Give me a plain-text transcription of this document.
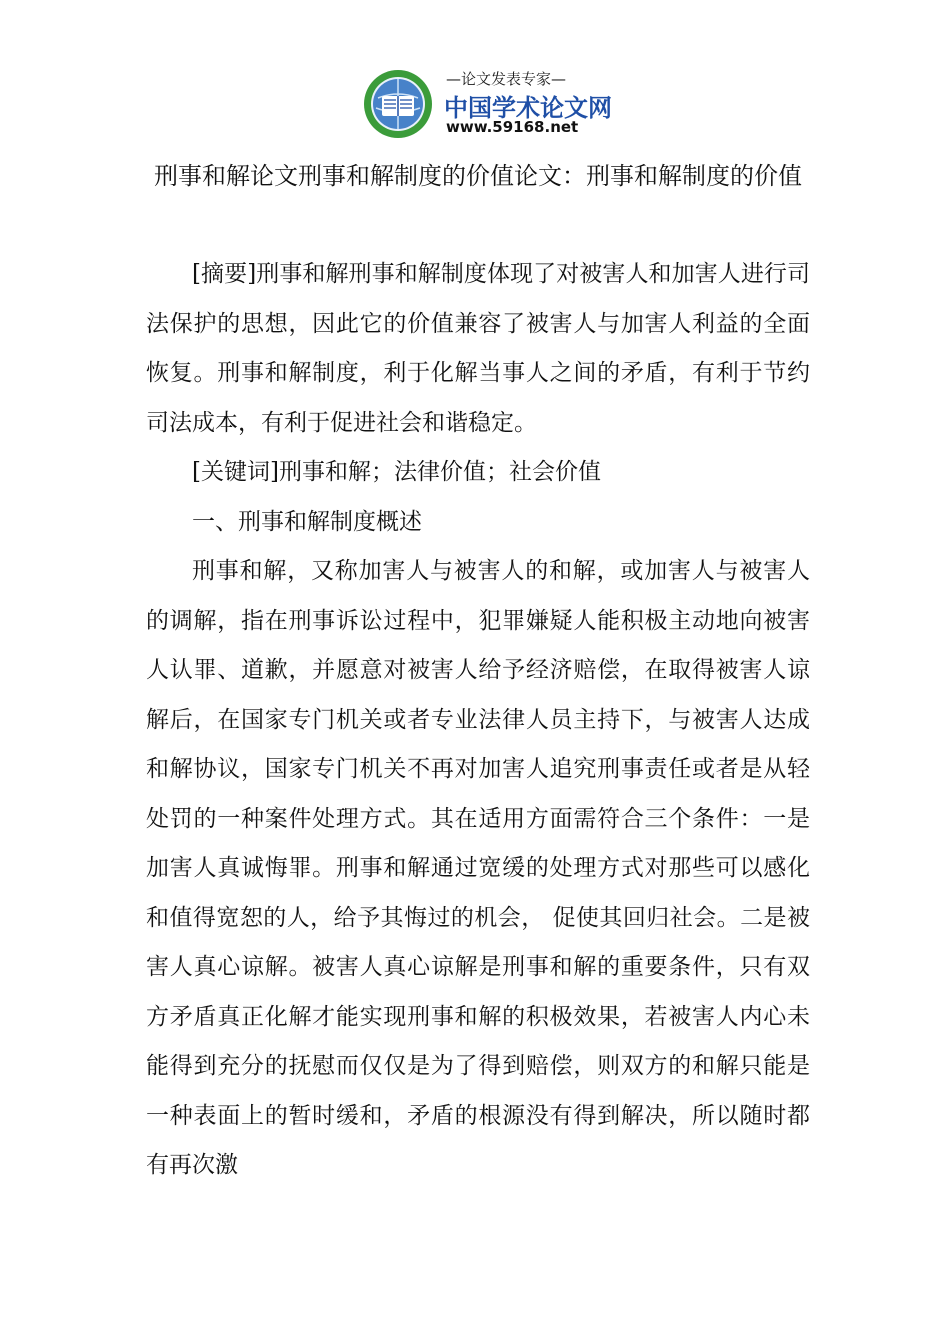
—论文发表专家—
中国学术论文网
www.59168.net
刑事和解论文刑事和解制度的价值论文：刑事和解制度的价值

[摘要]刑事和解刑事和解制度体现了对被害人和加害人进行司法保护的思想，因此它的价值兼容了被害人与加害人利益的全面恢复。刑事和解制度，利于化解当事人之间的矛盾，有利于节约司法成本，有利于促进社会和谐稳定。

[关键词]刑事和解；法律价值；社会价值

一、刑事和解制度概述

刑事和解，又称加害人与被害人的和解，或加害人与被害人的调解，指在刑事诉讼过程中，犯罪嫌疑人能积极主动地向被害人认罪、道歉，并愿意对被害人给予经济赔偿，在取得被害人谅解后，在国家专门机关或者专业法律人员主持下，与被害人达成和解协议，国家专门机关不再对加害人追究刑事责任或者是从轻处罚的一种案件处理方式。其在适用方面需符合三个条件：一是加害人真诚悔罪。刑事和解通过宽缓的处理方式对那些可以感化和值得宽恕的人，给予其悔过的机会， 促使其回归社会。二是被害人真心谅解。被害人真心谅解是刑事和解的重要条件，只有双方矛盾真正化解才能实现刑事和解的积极效果，若被害人内心未能得到充分的抚慰而仅仅是为了得到赔偿，则双方的和解只能是一种表面上的暂时缓和，矛盾的根源没有得到解决，所以随时都有再次激
